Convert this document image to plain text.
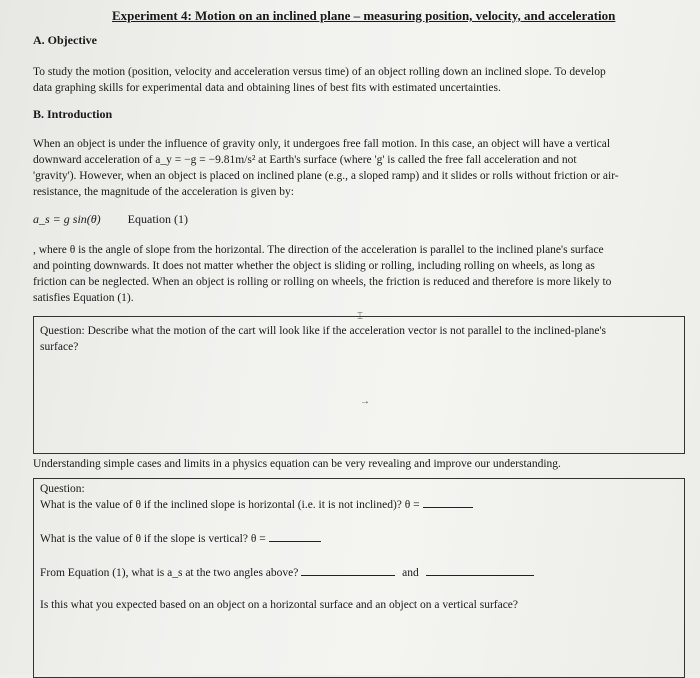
Experiment 4: Motion on an inclined plane – measuring position, velocity, and acceleration
A. Objective
To study the motion (position, velocity and acceleration versus time) of an object rolling down an inclined slope. To develop
data graphing skills for experimental data and obtaining lines of best fits with estimated uncertainties.
B. Introduction
When an object is under the influence of gravity only, it undergoes free fall motion. In this case, an object will have a vertical
downward acceleration of a_y = −g = −9.81m/s² at Earth's surface (where 'g' is called the free fall acceleration and not
'gravity'). However, when an object is placed on inclined plane (e.g., a sloped ramp) and it slides or rolls without friction or air-
resistance, the magnitude of the acceleration is given by:
a_s = g sin(θ) Equation (1)
, where θ is the angle of slope from the horizontal. The direction of the acceleration is parallel to the inclined plane's surface
and pointing downwards. It does not matter whether the object is sliding or rolling, including rolling on wheels, as long as
friction can be neglected. When an object is rolling or rolling on wheels, the friction is reduced and therefore is more likely to
satisfies Equation (1).
Question: Describe what the motion of the cart will look like if the acceleration vector is not parallel to the inclined-plane's
surface?
⌶
→
Understanding simple cases and limits in a physics equation can be very revealing and improve our understanding.
Question:
What is the value of θ if the inclined slope is horizontal (i.e. it is not inclined)? θ =
What is the value of θ if the slope is vertical? θ =
From Equation (1), what is a_s at the two angles above?	and
Is this what you expected based on an object on a horizontal surface and an object on a vertical surface?
